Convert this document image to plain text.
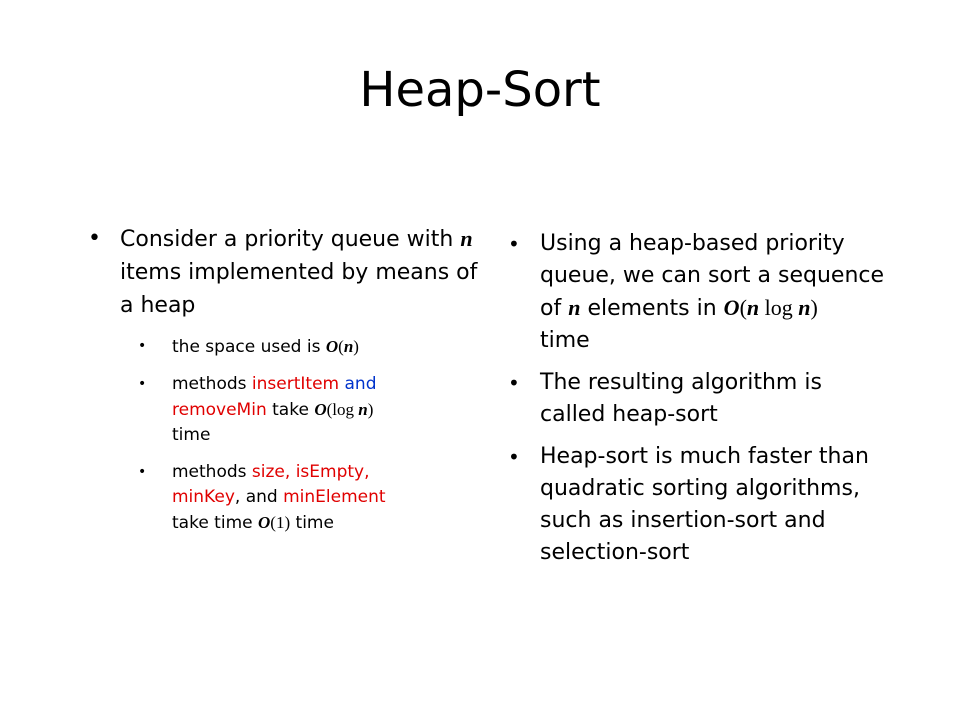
Heap-Sort
• Consider a priority queue with n items implemented by means of a heap
• the space used is O(n)
• methods insertItem and
removeMin take O(log n)
time
• methods size, isEmpty,
minKey, and minElement
take time O(1) time
• Using a heap-based priority queue, we can sort a sequence of n elements in O(n log n)
time
• The resulting algorithm is called heap-sort
• Heap-sort is much faster than quadratic sorting algorithms, such as insertion-sort and selection-sort
